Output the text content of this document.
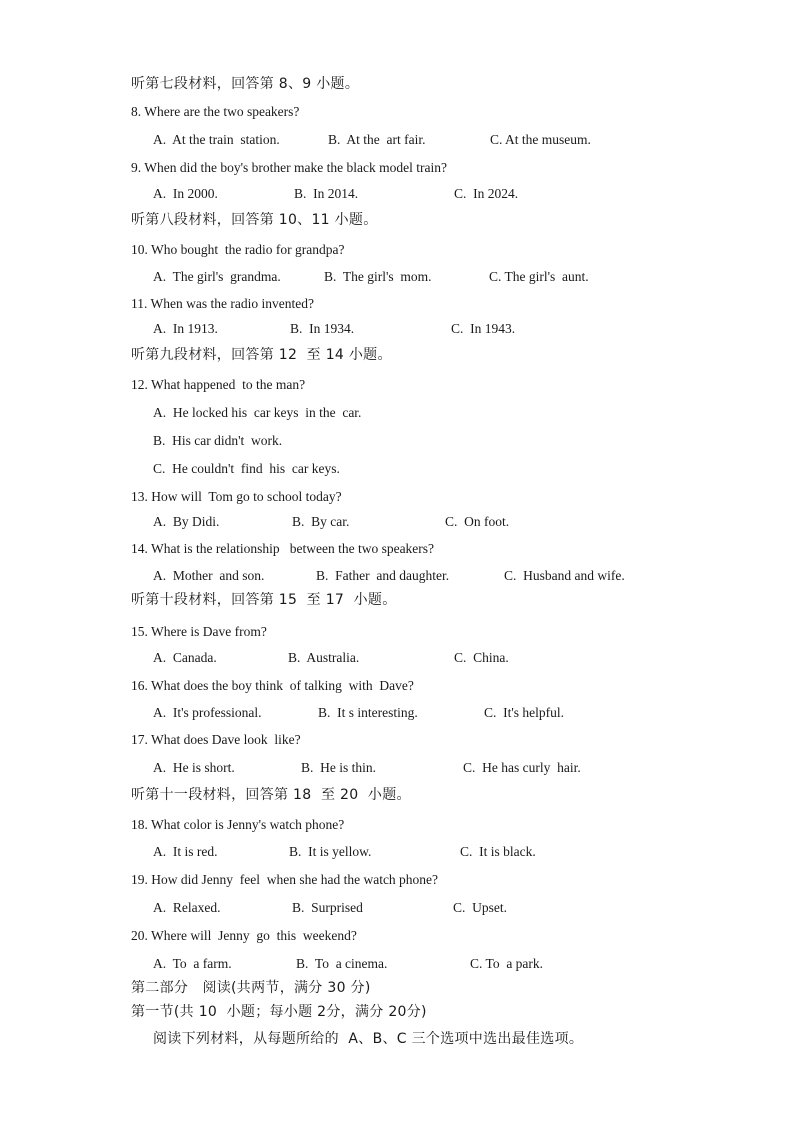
听第七段材料，回答第 8、9 小题。
8. Where are the two speakers?
A.  At the train  station.	B.  At the  art fair.	C. At the museum.
9. When did the boy's brother make the black model train?
A.  In 2000.	B.  In 2014.	C.  In 2024.
听第八段材料，回答第 10、11 小题。
10. Who bought  the radio for grandpa?
A.  The girl's  grandma.	B.  The girl's  mom.	C. The girl's  aunt.
11. When was the radio invented?
A.  In 1913.	B.  In 1934.	C.  In 1943.
听第九段材料，回答第 12  至 14 小题。
12. What happened  to the man?
A.  He locked his  car keys  in the  car.
B.  His car didn't  work.
C.  He couldn't  find  his  car keys.
13. How will  Tom go to school today?
A.  By Didi.	B.  By car.	C.  On foot.
14. What is the relationship   between the two speakers?
A.  Mother  and son.	B.  Father  and daughter.	C.  Husband and wife.
听第十段材料，回答第 15  至 17  小题。
15. Where is Dave from?
A.  Canada.	B.  Australia.	C.  China.
16. What does the boy think  of talking  with  Dave?
A.  It's professional.	B.  It s interesting.	C.  It's helpful.
17. What does Dave look  like?
A.  He is short.	B.  He is thin.	C.  He has curly  hair.
听第十一段材料，回答第 18  至 20  小题。
18. What color is Jenny's watch phone?
A.  It is red.	B.  It is yellow.	C.  It is black.
19. How did Jenny  feel  when she had the watch phone?
A.  Relaxed.	B.  Surprised	C.  Upset.
20. Where will  Jenny  go  this  weekend?
A.  To  a farm.	B.  To  a cinema.	C. To  a park.
第二部分   阅读(共两节，满分 30 分)
第一节(共 10  小题；每小题 2分，满分 20分)
阅读下列材料，从每题所给的  A、B、C 三个选项中选出最佳选项。
